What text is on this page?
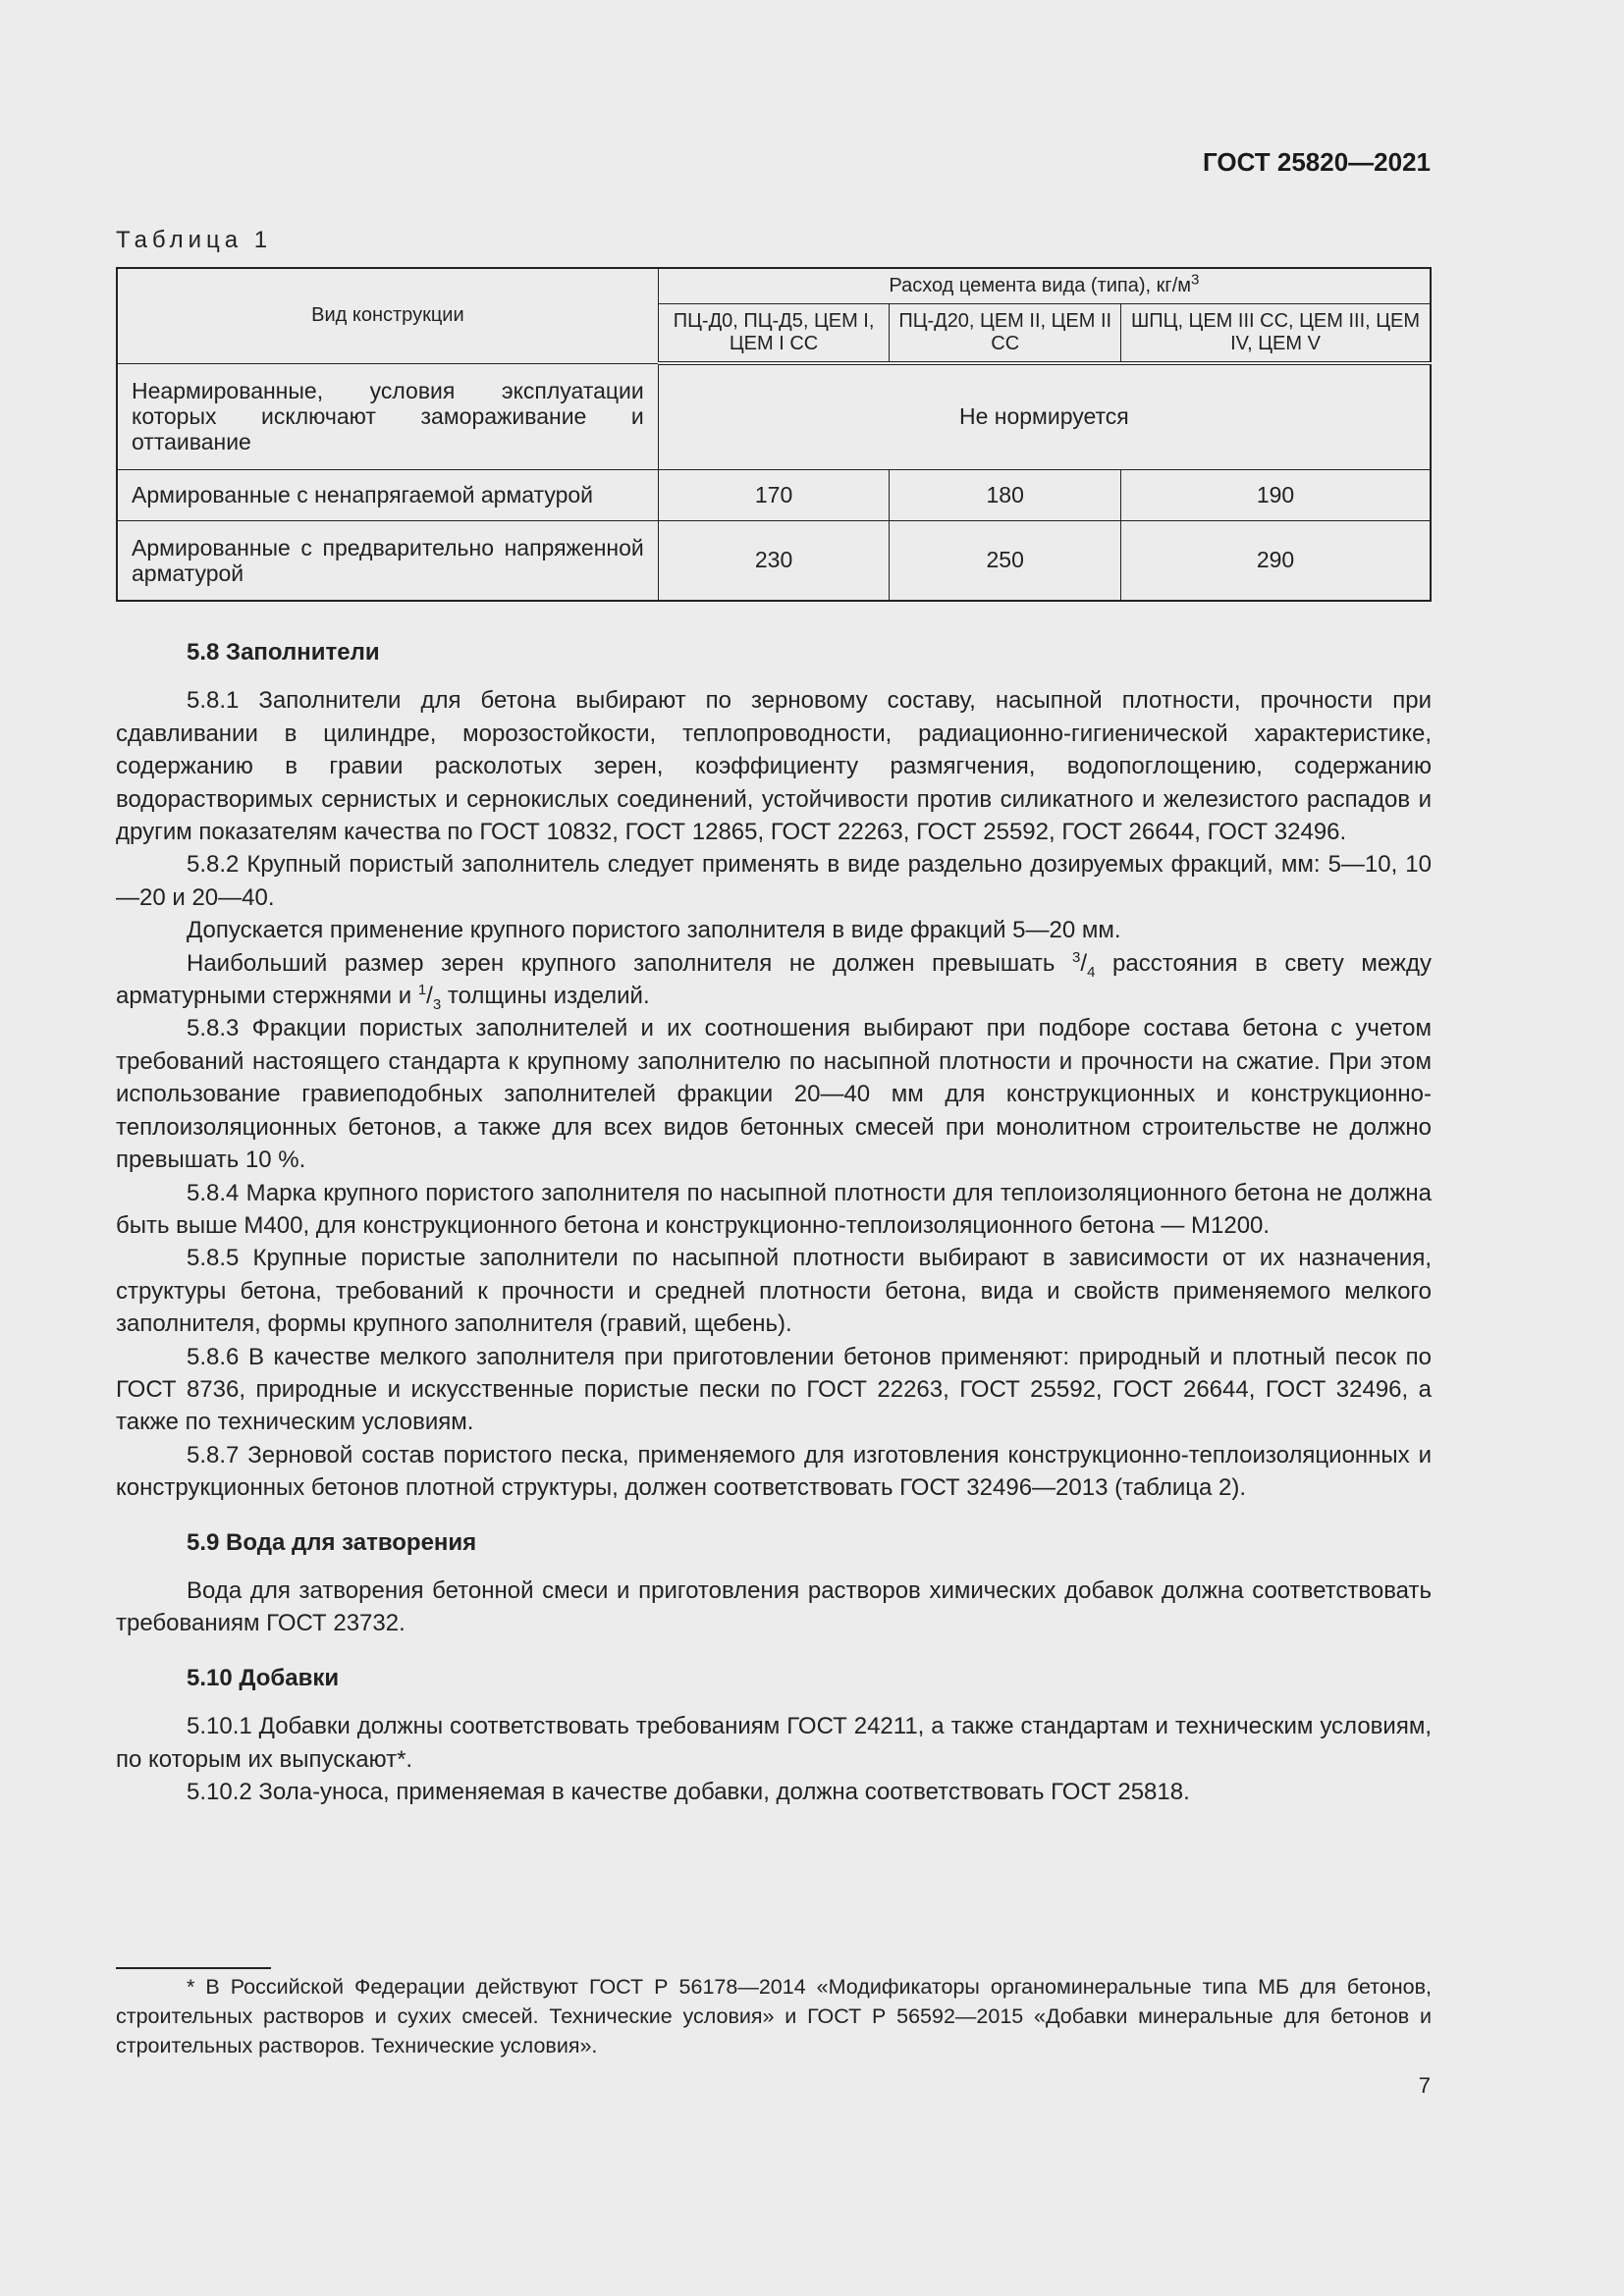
ГОСТ 25820—2021
Таблица 1
Вид конструкции	Расход цемента вида (типа), $кг/м^3$
	ПЦ-Д0, ПЦ-Д5, ЦЕМ I, ЦЕМ I СС	ПЦ-Д20, ЦЕМ II, ЦЕМ II СС	ШПЦ, ЦЕМ III СС, ЦЕМ III, ЦЕМ IV, ЦЕМ V
Неармированные, условия эксплуатации которых исключают замораживание и оттаивание	Не нормируется		
Армированные с ненапрягаемой арматурой	170	180	190
Армированные с предварительно напряженной арматурой	230	250	290
5.8 Заполнители

5.8.1 Заполнители для бетона выбирают по зерновому составу, насыпной плотности, прочности при сдавливании в цилиндре, морозостойкости, теплопроводности, радиационно-гигиенической характеристике, содержанию в гравии расколотых зерен, коэффициенту размягчения, водопоглощению, содержанию водорастворимых сернистых и сернокислых соединений, устойчивости против силикатного и железистого распадов и другим показателям качества по ГОСТ 10832, ГОСТ 12865, ГОСТ 22263, ГОСТ 25592, ГОСТ 26644, ГОСТ 32496.

5.8.2 Крупный пористый заполнитель следует применять в виде раздельно дозируемых фракций, мм: 5—10, 10—20 и 20—40.

Допускается применение крупного пористого заполнителя в виде фракций 5—20 мм.

Наибольший размер зерен крупного заполнителя не должен превышать $^3/_4$ расстояния в свету между арматурными стержнями и $^1/_3$ толщины изделий.

5.8.3 Фракции пористых заполнителей и их соотношения выбирают при подборе состава бетона с учетом требований настоящего стандарта к крупному заполнителю по насыпной плотности и прочности на сжатие. При этом использование гравиеподобных заполнителей фракции 20—40 мм для конструкционных и конструкционно-теплоизоляционных бетонов, а также для всех видов бетонных смесей при монолитном строительстве не должно превышать 10 %.

5.8.4 Марка крупного пористого заполнителя по насыпной плотности для теплоизоляционного бетона не должна быть выше М400, для конструкционного бетона и конструкционно-теплоизоляционного бетона — М1200.

5.8.5 Крупные пористые заполнители по насыпной плотности выбирают в зависимости от их назначения, структуры бетона, требований к прочности и средней плотности бетона, вида и свойств применяемого мелкого заполнителя, формы крупного заполнителя (гравий, щебень).

5.8.6 В качестве мелкого заполнителя при приготовлении бетонов применяют: природный и плотный песок по ГОСТ 8736, природные и искусственные пористые пески по ГОСТ 22263, ГОСТ 25592, ГОСТ 26644, ГОСТ 32496, а также по техническим условиям.

5.8.7 Зерновой состав пористого песка, применяемого для изготовления конструкционно-теплоизоляционных и конструкционных бетонов плотной структуры, должен соответствовать ГОСТ 32496—2013 (таблица 2).

5.9 Вода для затворения

Вода для затворения бетонной смеси и приготовления растворов химических добавок должна соответствовать требованиям ГОСТ 23732.

5.10 Добавки

5.10.1 Добавки должны соответствовать требованиям ГОСТ 24211, а также стандартам и техническим условиям, по которым их выпускают*.

5.10.2 Зола-уноса, применяемая в качестве добавки, должна соответствовать ГОСТ 25818.

* В Российской Федерации действуют ГОСТ Р 56178—2014 «Модификаторы органоминеральные типа МБ для бетонов, строительных растворов и сухих смесей. Технические условия» и ГОСТ Р 56592—2015 «Добавки минеральные для бетонов и строительных растворов. Технические условия».

7
